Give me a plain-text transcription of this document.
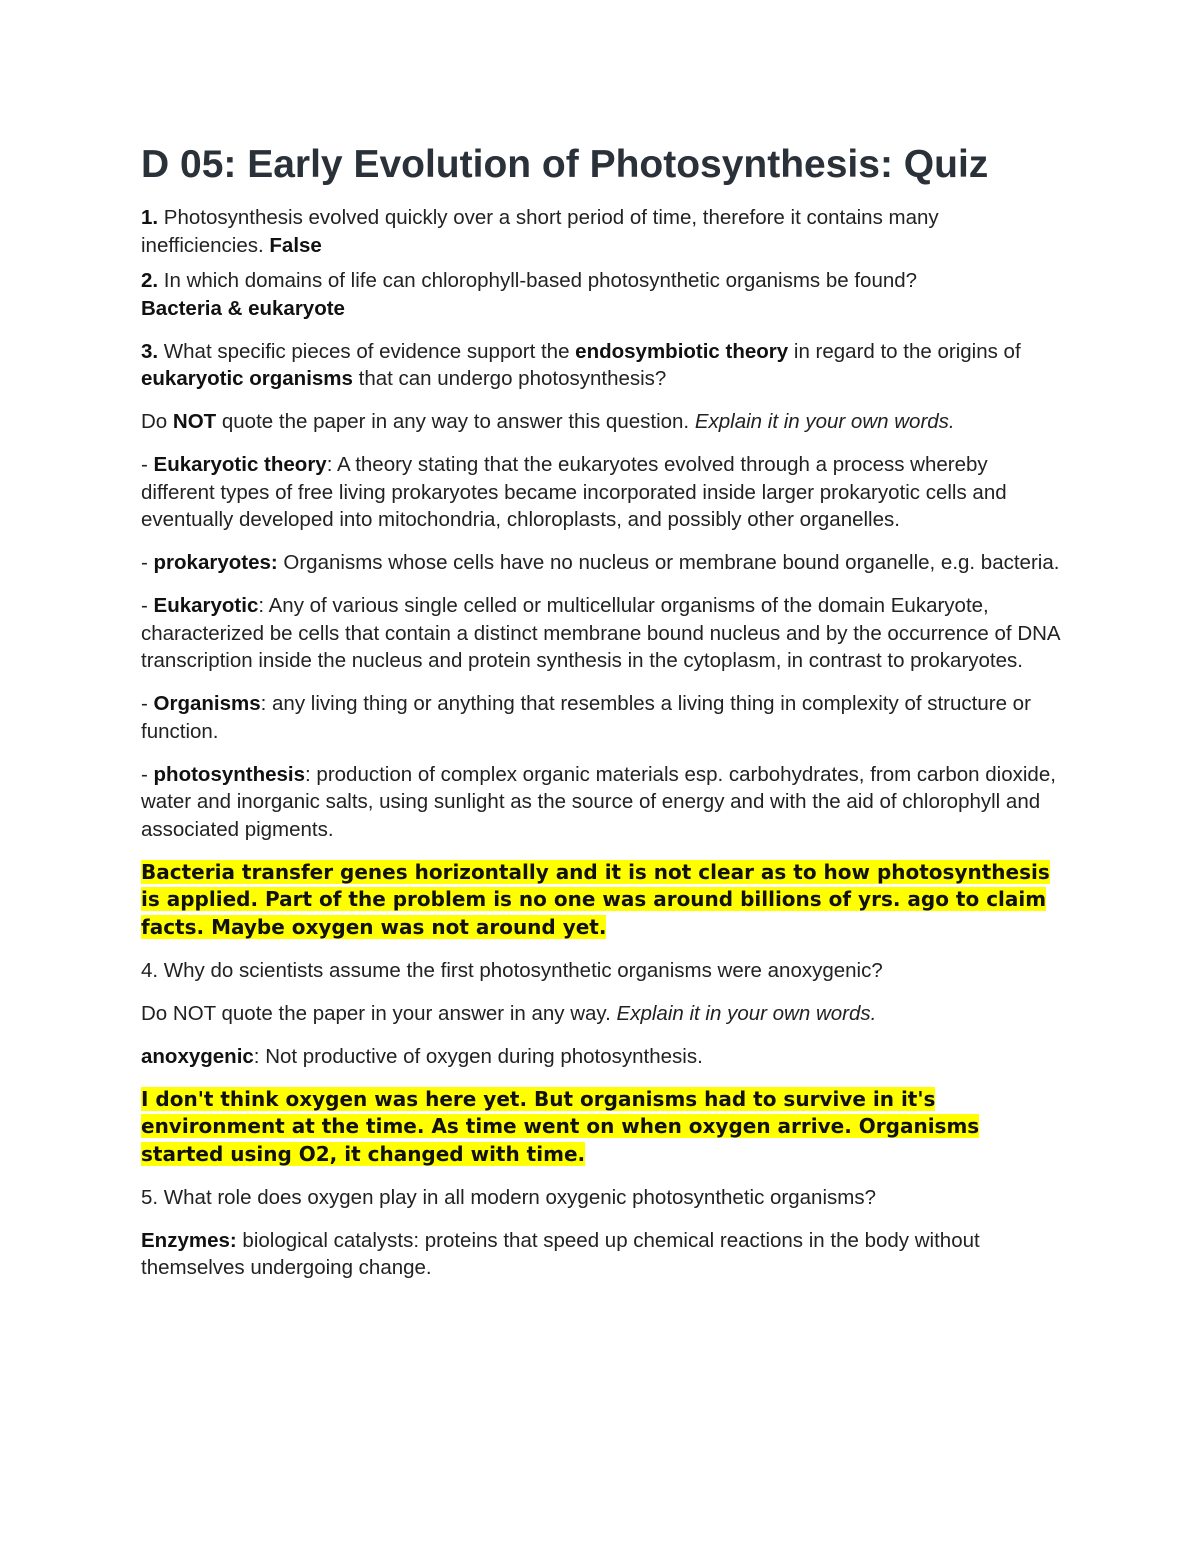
D 05: Early Evolution of Photosynthesis: Quiz

1. Photosynthesis evolved quickly over a short period of time, therefore it contains many inefficiencies. False

2. In which domains of life can chlorophyll-based photosynthetic organisms be found?
Bacteria & eukaryote

3. What specific pieces of evidence support the endosymbiotic theory in regard to the origins of eukaryotic organisms that can undergo photosynthesis?

Do NOT quote the paper in any way to answer this question. Explain it in your own words.

- Eukaryotic theory: A theory stating that the eukaryotes evolved through a process whereby different types of free living prokaryotes became incorporated inside larger prokaryotic cells and eventually developed into mitochondria, chloroplasts, and possibly other organelles.

- prokaryotes: Organisms whose cells have no nucleus or membrane bound organelle, e.g. bacteria.

- Eukaryotic: Any of various single celled or multicellular organisms of the domain Eukaryote, characterized be cells that contain a distinct membrane bound nucleus and by the occurrence of DNA transcription inside the nucleus and protein synthesis in the cytoplasm, in contrast to prokaryotes.

- Organisms: any living thing or anything that resembles a living thing in complexity of structure or function.

- photosynthesis: production of complex organic materials esp. carbohydrates, from carbon dioxide, water and inorganic salts, using sunlight as the source of energy and with the aid of chlorophyll and associated pigments.

Bacteria transfer genes horizontally and it is not clear as to how photosynthesis is applied. Part of the problem is no one was around billions of yrs. ago to claim facts. Maybe oxygen was not around yet.

4. Why do scientists assume the first photosynthetic organisms were anoxygenic?

Do NOT quote the paper in your answer in any way. Explain it in your own words.

anoxygenic: Not productive of oxygen during photosynthesis.

I don't think oxygen was here yet. But organisms had to survive in it's environment at the time. As time went on when oxygen arrive. Organisms started using O2, it changed with time.

5. What role does oxygen play in all modern oxygenic photosynthetic organisms?

Enzymes: biological catalysts: proteins that speed up chemical reactions in the body without themselves undergoing change.
